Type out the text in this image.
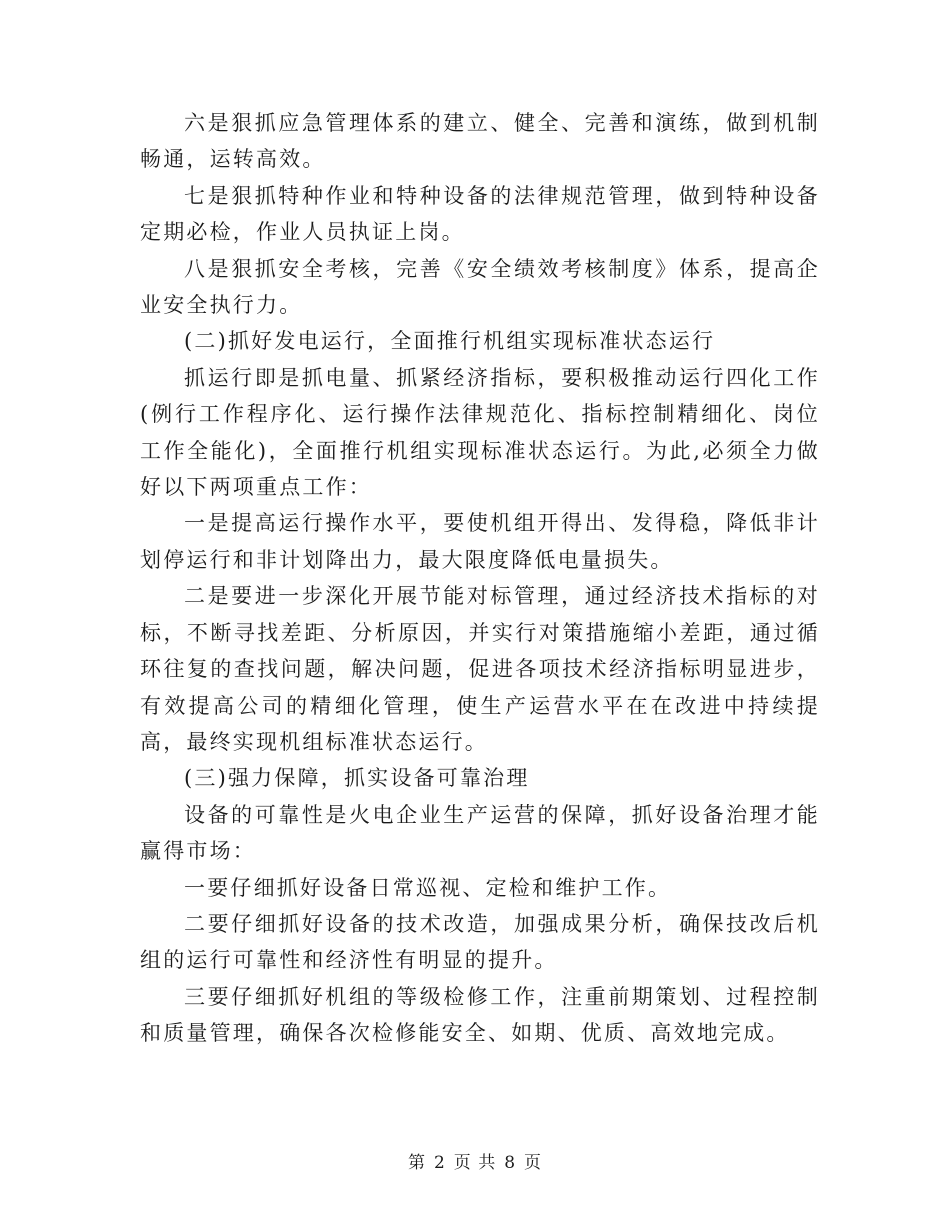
六是狠抓应急管理体系的建立、健全、完善和演练，做到机制畅通，运转高效。

七是狠抓特种作业和特种设备的法律规范管理，做到特种设备定期必检，作业人员执证上岗。

八是狠抓安全考核，完善《安全绩效考核制度》体系，提高企业安全执行力。

(二)抓好发电运行，全面推行机组实现标准状态运行

抓运行即是抓电量、抓紧经济指标，要积极推动运行四化工作(例行工作程序化、运行操作法律规范化、指标控制精细化、岗位工作全能化)，全面推行机组实现标准状态运行。为此,必须全力做好以下两项重点工作：

一是提高运行操作水平，要使机组开得出、发得稳，降低非计划停运行和非计划降出力，最大限度降低电量损失。

二是要进一步深化开展节能对标管理，通过经济技术指标的对标，不断寻找差距、分析原因，并实行对策措施缩小差距，通过循环往复的查找问题，解决问题，促进各项技术经济指标明显进步，有效提高公司的精细化管理，使生产运营水平在在改进中持续提高，最终实现机组标准状态运行。

(三)强力保障，抓实设备可靠治理

设备的可靠性是火电企业生产运营的保障，抓好设备治理才能赢得市场：

一要仔细抓好设备日常巡视、定检和维护工作。

二要仔细抓好设备的技术改造，加强成果分析，确保技改后机组的运行可靠性和经济性有明显的提升。

三要仔细抓好机组的等级检修工作，注重前期策划、过程控制和质量管理，确保各次检修能安全、如期、优质、高效地完成。

第 2 页 共 8 页
